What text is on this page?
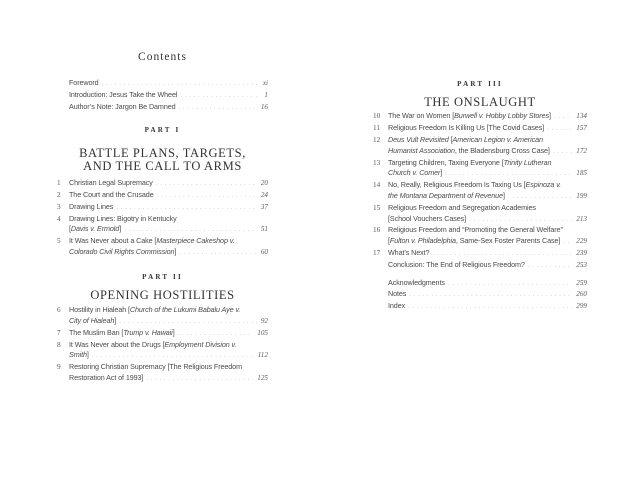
Contents
Foreword .....	xi
Introduction: Jesus Take the Wheel .....	1
Author’s Note: Jargon Be Damned .....	16
PART I
BATTLE PLANS, TARGETS,
AND THE CALL TO ARMS
1	Christian Legal Supremacy .....	20
2	The Court and the Crusade .....	24
3	Drawing Lines .....	37
4	Drawing Lines: Bigotry in Kentucky
[Davis v. Ermold] .....	51
5	It Was Never about a Cake [Masterpiece Cakeshop v.
Colorado Civil Rights Commission] .....	60
PART II
OPENING HOSTILITIES
6	Hostility in Hialeah [Church of the Lukumi Babalu Aye v.
City of Hialeah] .....	92
7	The Muslim Ban [Trump v. Hawaii] .....	105
8	It Was Never about the Drugs [Employment Division v.
Smith] .....	112
9	Restoring Christian Supremacy [The Religious Freedom
Restoration Act of 1993] .....	125
PART III
THE ONSLAUGHT
10	The War on Women [Burwell v. Hobby Lobby Stores] .....	134
11	Religious Freedom Is Killing Us [The Covid Cases] .....	157
12	Deus Vult Revisited [American Legion v. American
Humanist Association, the Bladensburg Cross Case] .....	172
13	Targeting Children, Taxing Everyone [Trinity Lutheran
Church v. Comer] .....	185
14	No, Really, Religious Freedom Is Taxing Us [Espinoza v.
the Montana Department of Revenue] .....	199
15	Religious Freedom and Segregation Academies
[School Vouchers Cases] .....	213
16	Religious Freedom and “Promoting the General Welfare”
[Fulton v. Philadelphia, Same-Sex Foster Parents Case] .....	229
17	What’s Next? .....	239
Conclusion: The End of Religious Freedom? .....	253
Acknowledgments .....	259
Notes .....	260
Index .....	299
